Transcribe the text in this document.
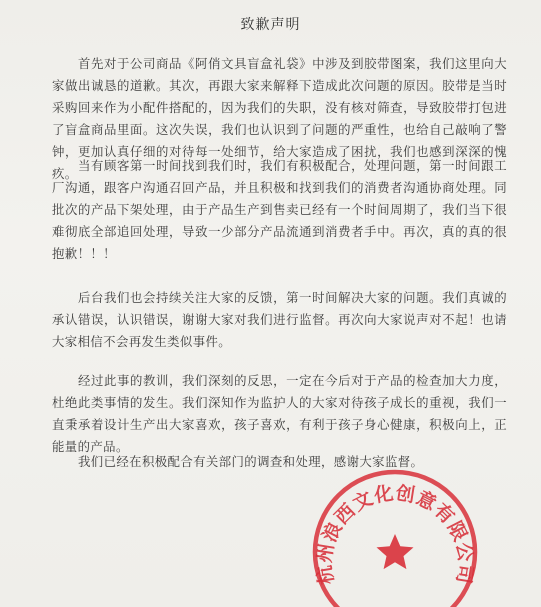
致歉声明

首先对于公司商品《阿俏文具盲盒礼袋》中涉及到胶带图案，我们这里向大家做出诚恳的道歉。其次，再跟大家来解释下造成此次问题的原因。胶带是当时采购回来作为小配件搭配的，因为我们的失职，没有核对筛查，导致胶带打包进了盲盒商品里面。这次失误，我们也认识到了问题的严重性，也给自己敲响了警钟，更加认真仔细的对待每一处细节，给大家造成了困扰，我们也感到深深的愧疚。

当有顾客第一时间找到我们时，我们有积极配合，处理问题，第一时间跟工厂沟通，跟客户沟通召回产品，并且积极和找到我们的消费者沟通协商处理。同批次的产品下架处理，由于产品生产到售卖已经有一个时间周期了，我们当下很难彻底全部追回处理，导致一少部分产品流通到消费者手中。再次，真的真的很抱歉！！！

后台我们也会持续关注大家的反馈，第一时间解决大家的问题。我们真诚的承认错误，认识错误，谢谢大家对我们进行监督。再次向大家说声对不起！也请大家相信不会再发生类似事件。

经过此事的教训，我们深刻的反思，一定在今后对于产品的检查加大力度，杜绝此类事情的发生。我们深知作为监护人的大家对待孩子成长的重视，我们一直秉承着设计生产出大家喜欢，孩子喜欢，有利于孩子身心健康，积极向上，正能量的产品。

我们已经在积极配合有关部门的调查和处理，感谢大家监督。

杭州浪西文化创意有限公司
